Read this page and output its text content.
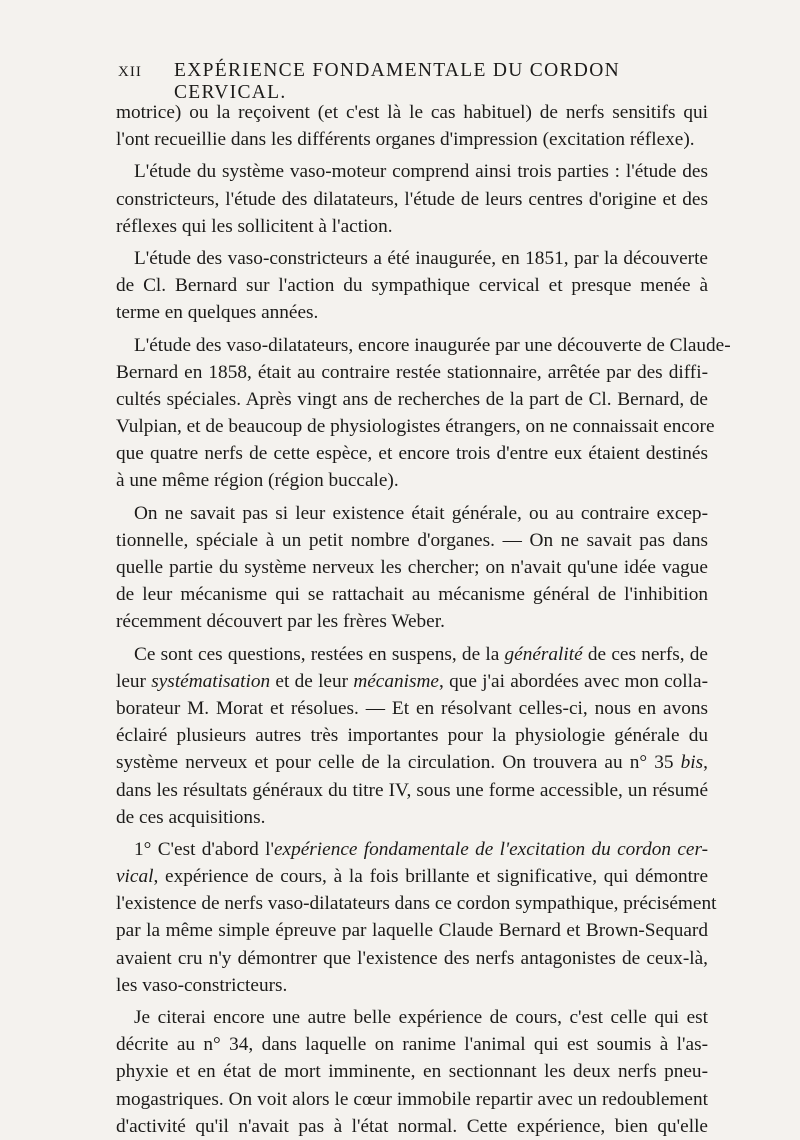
XII EXPÉRIENCE FONDAMENTALE DU CORDON CERVICAL.
motrice) ou la reçoivent (et c'est là le cas habituel) de nerfs sensitifs qui
l'ont recueillie dans les différents organes d'impression (excitation réflexe).
L'étude du système vaso-moteur comprend ainsi trois parties : l'étude des
constricteurs, l'étude des dilatateurs, l'étude de leurs centres d'origine et des
réflexes qui les sollicitent à l'action.
L'étude des vaso-constricteurs a été inaugurée, en 1851, par la découverte
de Cl. Bernard sur l'action du sympathique cervical et presque menée à
terme en quelques années.
L'étude des vaso-dilatateurs, encore inaugurée par une découverte de Claude-
Bernard en 1858, était au contraire restée stationnaire, arrêtée par des diffi-
cultés spéciales. Après vingt ans de recherches de la part de Cl. Bernard, de
Vulpian, et de beaucoup de physiologistes étrangers, on ne connaissait encore
que quatre nerfs de cette espèce, et encore trois d'entre eux étaient destinés
à une même région (région buccale).
On ne savait pas si leur existence était générale, ou au contraire excep-
tionnelle, spéciale à un petit nombre d'organes. — On ne savait pas dans
quelle partie du système nerveux les chercher; on n'avait qu'une idée vague
de leur mécanisme qui se rattachait au mécanisme général de l'inhibition
récemment découvert par les frères Weber.
Ce sont ces questions, restées en suspens, de la généralité de ces nerfs, de
leur systématisation et de leur mécanisme, que j'ai abordées avec mon colla-
borateur M. Morat et résolues. — Et en résolvant celles-ci, nous en avons
éclairé plusieurs autres très importantes pour la physiologie générale du
système nerveux et pour celle de la circulation. On trouvera au n° 35 bis,
dans les résultats généraux du titre IV, sous une forme accessible, un résumé
de ces acquisitions.
1° C'est d'abord l'expérience fondamentale de l'excitation du cordon cer-
vical, expérience de cours, à la fois brillante et significative, qui démontre
l'existence de nerfs vaso-dilatateurs dans ce cordon sympathique, précisément
par la même simple épreuve par laquelle Claude Bernard et Brown-Sequard
avaient cru n'y démontrer que l'existence des nerfs antagonistes de ceux-là,
les vaso-constricteurs.
Je citerai encore une autre belle expérience de cours, c'est celle qui est
décrite au n° 34, dans laquelle on ranime l'animal qui est soumis à l'as-
phyxie et en état de mort imminente, en sectionnant les deux nerfs pneu-
mogastriques. On voit alors le cœur immobile repartir avec un redoublement
d'activité qu'il n'avait pas à l'état normal. Cette expérience, bien qu'elle
